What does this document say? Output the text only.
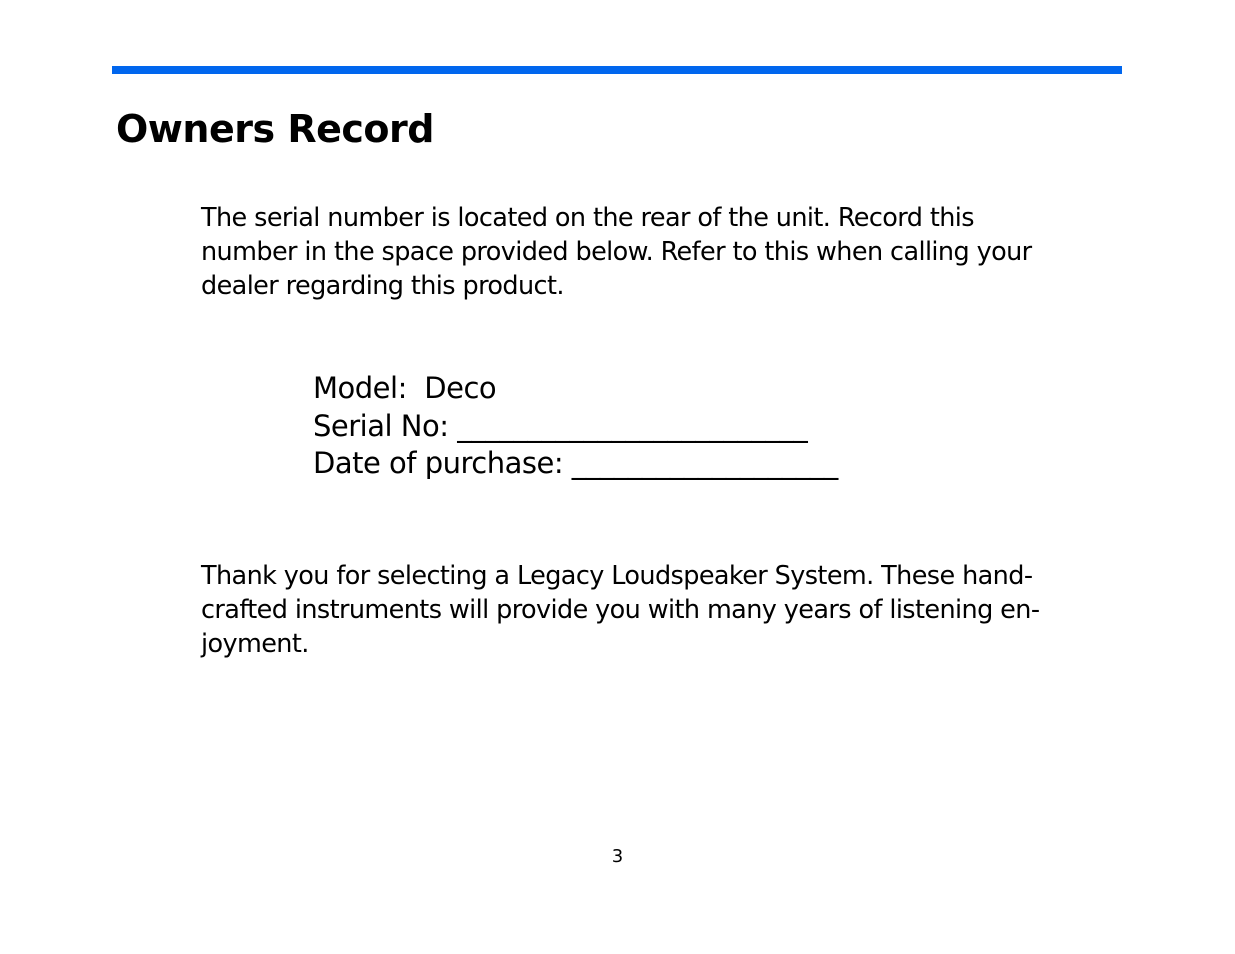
Owners Record

The serial number is located on the rear of the unit. Record this
number in the space provided below. Refer to this when calling your
dealer regarding this product.

Model:  Deco
Serial No: _________________________
Date of purchase: ___________________

Thank you for selecting a Legacy Loudspeaker System. These hand-
crafted instruments will provide you with many years of listening en-
joyment.

3
